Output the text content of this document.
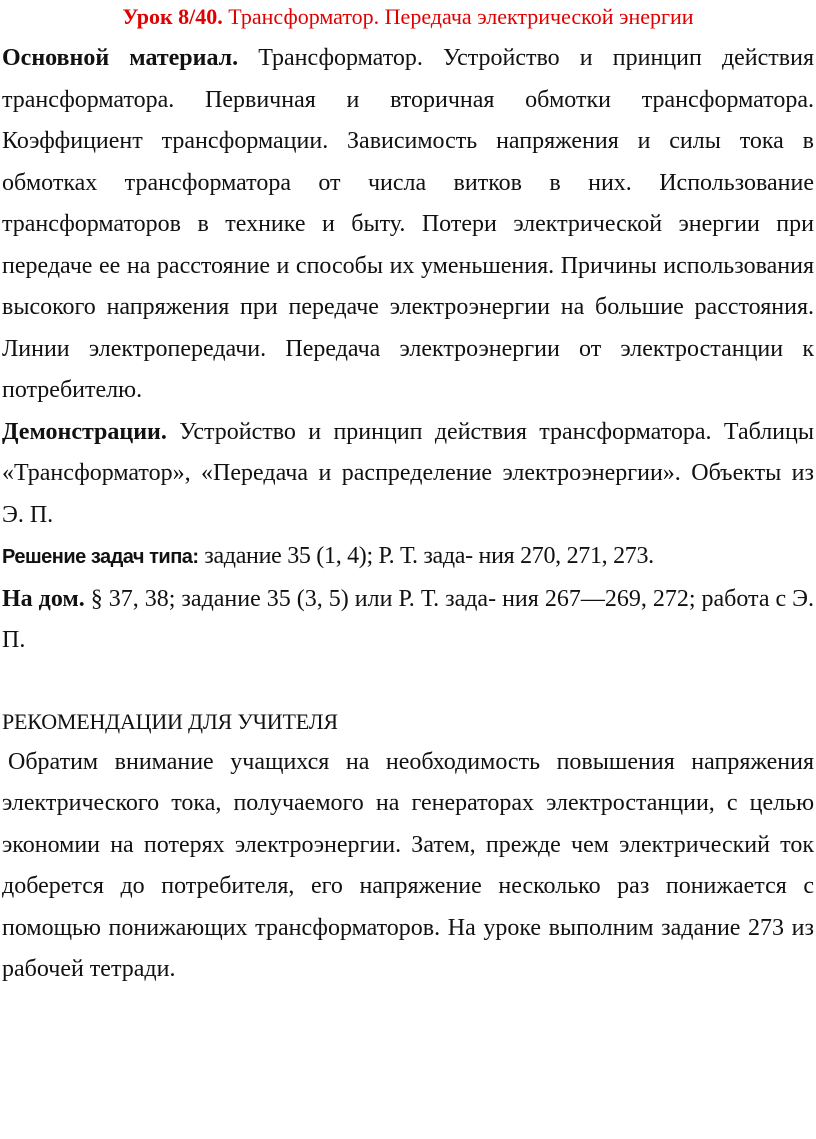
Урок 8/40. Трансформатор. Передача электрической энергии

Основной материал. Трансформатор. Устройство и принцип действия трансформатора. Первичная и вторичная обмотки трансформатора. Коэффициент трансформации. Зависимость напряжения и силы тока в обмотках трансформатора от числа витков в них. Использование трансформаторов в технике и быту. Потери электрической энергии при передаче ее на расстояние и способы их уменьшения. Причины использования высокого напряжения при передаче электроэнергии на большие расстояния. Линии электропередачи. Передача электроэнергии от электростанции к потребителю.

Демонстрации. Устройство и принцип действия трансформатора. Таблицы «Трансформатор», «Передача и распределение электроэнергии». Объекты из Э. П.

Решение задач типа: задание 35 (1, 4); Р. Т. зада- ния 270, 271, 273.

На дом. § 37, 38; задание 35 (3, 5) или Р. Т. зада- ния 267—269, 272; работа с Э. П.

РЕКОМЕНДАЦИИ ДЛЯ УЧИТЕЛЯ

Обратим внимание учащихся на необходимость повышения напряжения электрического тока, получаемого на генераторах электростанции, с целью экономии на потерях электроэнергии. Затем, прежде чем электрический ток доберется до потребителя, его напряжение несколько раз понижается с помощью понижающих трансформаторов. На уроке выполним задание 273 из рабочей тетради.
